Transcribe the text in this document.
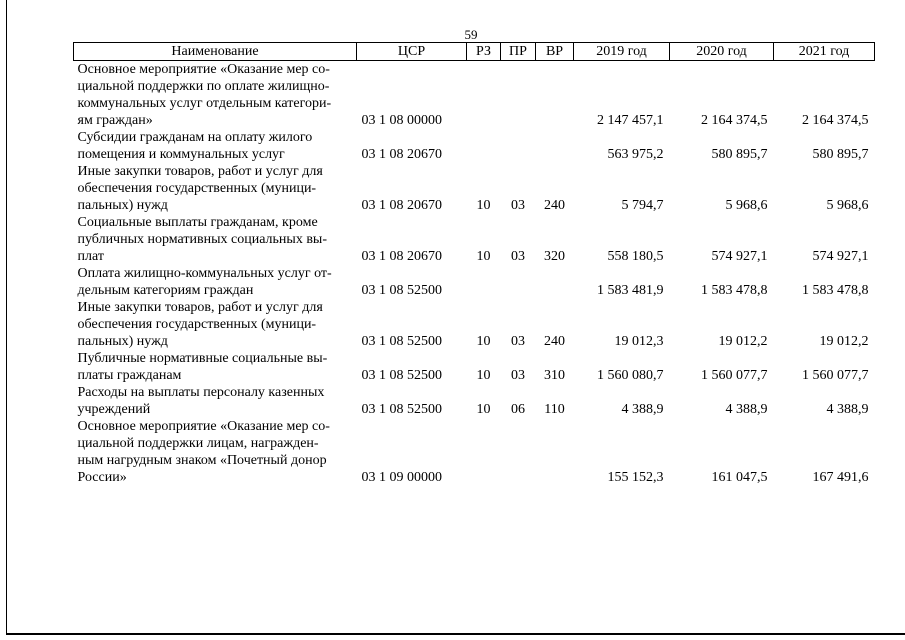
59
Наименование	ЦСР	РЗ	ПР	ВР	2019 год	2020 год	2021 год

Основное мероприятие «Оказание мер со-
циальной поддержки по оплате жилищно-
коммунальных услуг отдельным категори-
ям граждан»	03 1 08 00000				2 147 457,1	2 164 374,5	2 164 374,5

Субсидии гражданам на оплату жилого
помещения и коммунальных услуг	03 1 08 20670				563 975,2	580 895,7	580 895,7

Иные закупки товаров, работ и услуг для
обеспечения государственных (муници-
пальных) нужд	03 1 08 20670	10	03	240	5 794,7	5 968,6	5 968,6

Социальные выплаты гражданам, кроме
публичных нормативных социальных вы-
плат	03 1 08 20670	10	03	320	558 180,5	574 927,1	574 927,1

Оплата жилищно-коммунальных услуг от-
дельным категориям граждан	03 1 08 52500				1 583 481,9	1 583 478,8	1 583 478,8

Иные закупки товаров, работ и услуг для
обеспечения государственных (муници-
пальных) нужд	03 1 08 52500	10	03	240	19 012,3	19 012,2	19 012,2

Публичные нормативные социальные вы-
платы гражданам	03 1 08 52500	10	03	310	1 560 080,7	1 560 077,7	1 560 077,7

Расходы на выплаты персоналу казенных
учреждений	03 1 08 52500	10	06	110	4 388,9	4 388,9	4 388,9

Основное мероприятие «Оказание мер со-
циальной поддержки лицам, награжден-
ным нагрудным знаком «Почетный донор
России»	03 1 09 00000				155 152,3	161 047,5	167 491,6
